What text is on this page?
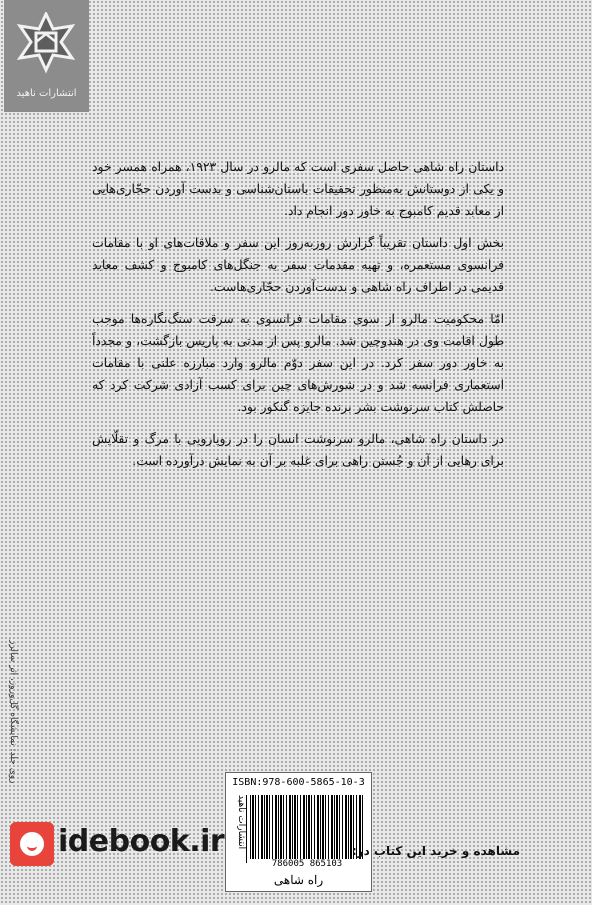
انتشارات ناهید

داستان راه شاهی حاصل سفری است که مالرو در سال ۱۹۲۳، همراه همسر خود و یکی از دوستانش به‌منظور تحقیقات باستان‌شناسی و بدست آوردن حجّاری‌هایی از معابد قدیم کامبوج به خاور دور انجام داد.

بخش اول داستان تقریباً گزارش روزبه‌روز این سفر و ملاقات‌های او با مقامات فرانسوی مستعمره، و تهیه مقدمات سفر به جنگل‌های کامبوج و کشف معابد قدیمی در اطراف راه شاهی و بدست‌آوردن حجّاری‌هاست.

امّا محکومیت مالرو از سوی مقامات فرانسوی به سرقت سنگ‌نگاره‌ها موجب طول اقامت وی در هندوچین شد. مالرو پس از مدتی به پاریس بازگشت، و مجدداً به خاور دور سفر کرد. در این سفر دوّم مالرو وارد مبارزه علنی با مقامات استعماری فرانسه شد و در شورش‌های چین برای کسب آزادی شرکت کرد که حاصلش کتاب سرنوشت بشر برنده جایزه گنکور بود.

در داستان راه شاهی، مالرو سرنوشت انسان را در رویارویی با مرگ و تقلّایش برای رهایی از آن و جُستن راهی برای غلبه بر آن به نمایش درآورده است.

روی جلد: نمایشگاه گل‌وروز، اثر سالرز	ISBN:978-600-5865-10-3
انتشارات ناهید
786005 865103
راه شاهی
idebook.ir	مشاهده و خرید این کتاب در:
